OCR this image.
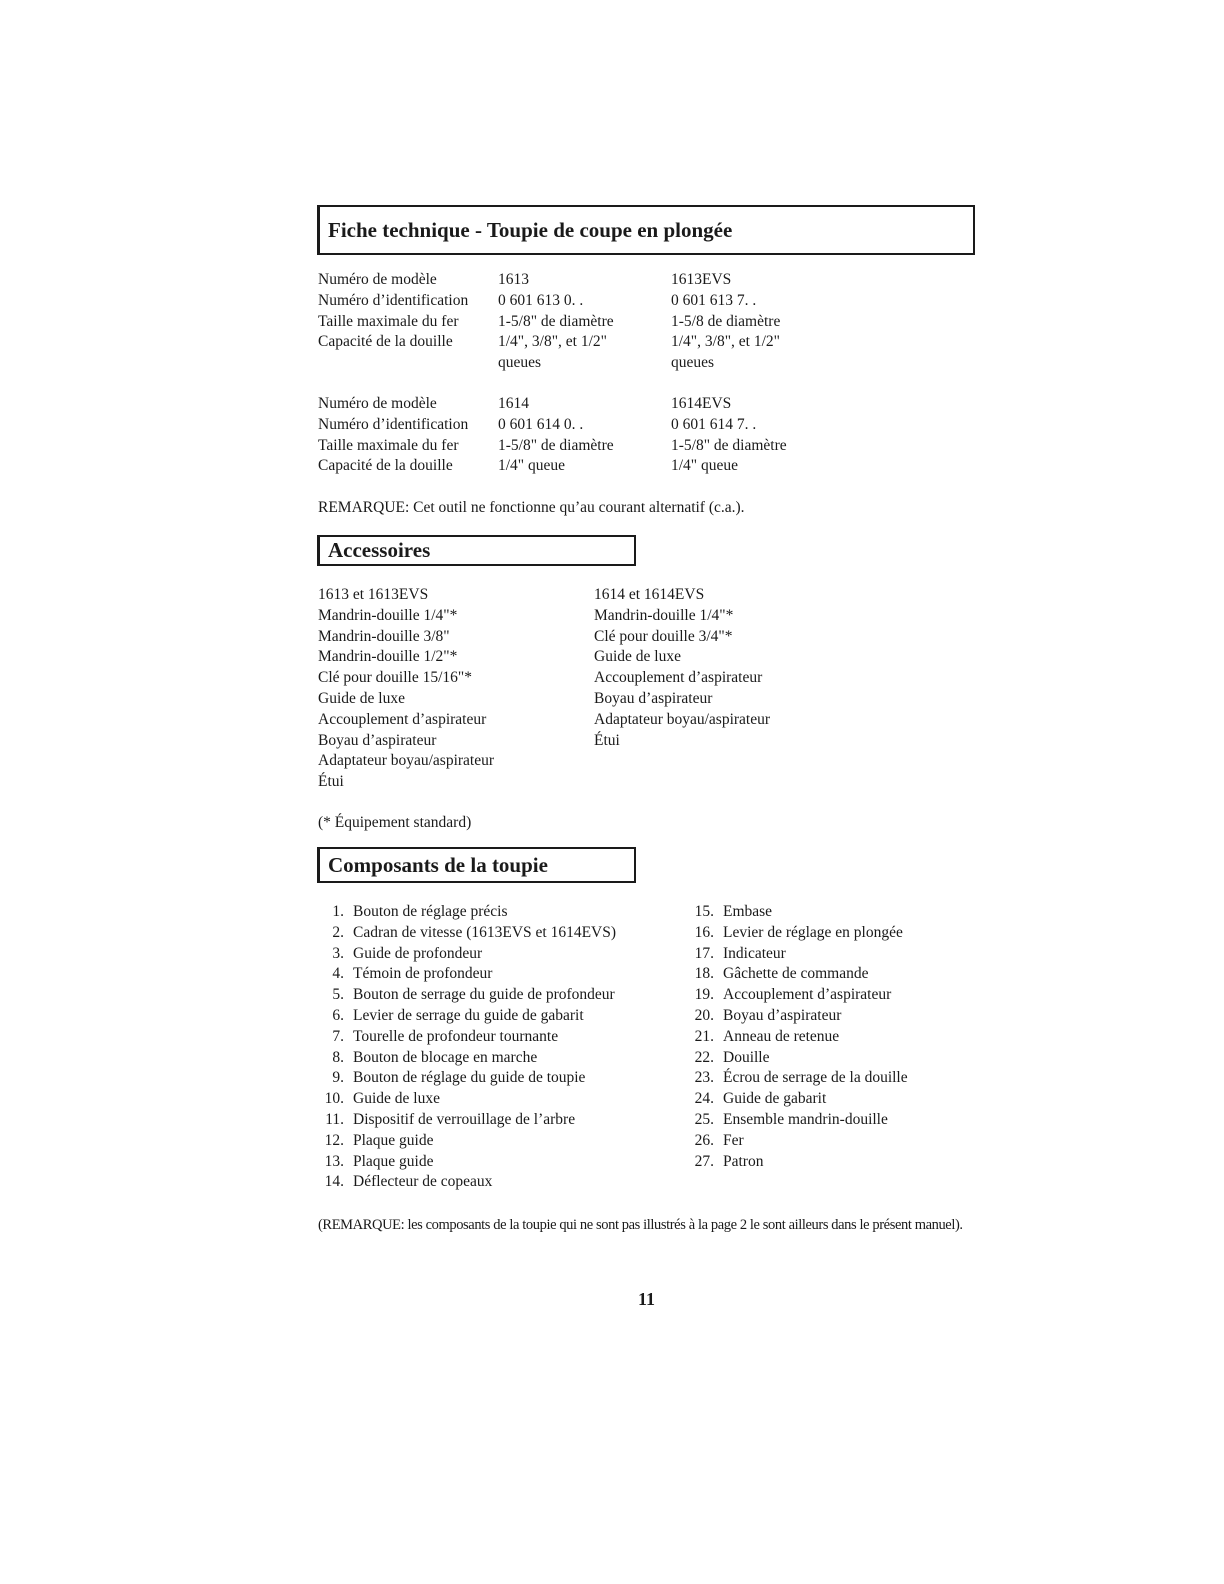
Fiche technique - Toupie de coupe en plongée
Numéro de modèle
Numéro d’identification
Taille maximale du fer
Capacité de la douille
1613
0 601 613 0. .
1-5/8" de diamètre
1/4", 3/8", et 1/2"
queues
1613EVS
0 601 613 7. .
1-5/8 de diamètre
1/4", 3/8", et 1/2"
queues
Numéro de modèle
Numéro d’identification
Taille maximale du fer
Capacité de la douille
1614
0 601 614 0. .
1-5/8" de diamètre
1/4" queue
1614EVS
0 601 614 7. .
1-5/8" de diamètre
1/4" queue
REMARQUE: Cet outil ne fonctionne qu’au courant alternatif (c.a.).
Accessoires
1613 et 1613EVS
Mandrin-douille 1/4"*
Mandrin-douille 3/8"
Mandrin-douille 1/2"*
Clé pour douille 15/16"*
Guide de luxe
Accouplement d’aspirateur
Boyau d’aspirateur
Adaptateur boyau/aspirateur
Étui
1614 et 1614EVS
Mandrin-douille 1/4"*
Clé pour douille 3/4"*
Guide de luxe
Accouplement d’aspirateur
Boyau d’aspirateur
Adaptateur boyau/aspirateur
Étui
(* Équipement standard)
Composants de la toupie
1. Bouton de réglage précis
2. Cadran de vitesse (1613EVS et 1614EVS)
3. Guide de profondeur
4. Témoin de profondeur
5. Bouton de serrage du guide de profondeur
6. Levier de serrage du guide de gabarit
7. Tourelle de profondeur tournante
8. Bouton de blocage en marche
9. Bouton de réglage du guide de toupie
10. Guide de luxe
11. Dispositif de verrouillage de l’arbre
12. Plaque guide
13. Plaque guide
14. Déflecteur de copeaux
15. Embase
16. Levier de réglage en plongée
17. Indicateur
18. Gâchette de commande
19. Accouplement d’aspirateur
20. Boyau d’aspirateur
21. Anneau de retenue
22. Douille
23. Écrou de serrage de la douille
24. Guide de gabarit
25. Ensemble mandrin-douille
26. Fer
27. Patron
(REMARQUE: les composants de la toupie qui ne sont pas illustrés à la page 2 le sont ailleurs dans le présent manuel).
11
